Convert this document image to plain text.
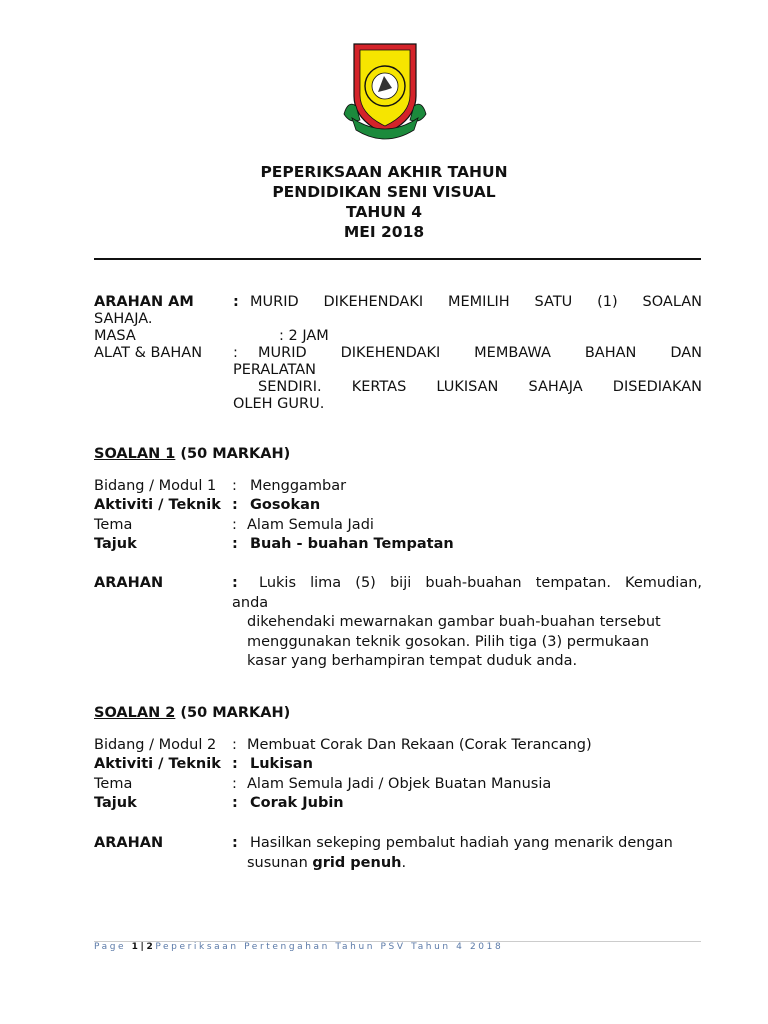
PEPERIKSAAN AKHIR TAHUN
PENDIDIKAN SENI VISUAL
TAHUN 4
MEI 2018
ARAHAN AM	: MURID DIKEHENDAKI MEMILIH SATU (1) SOALAN
SAHAJA.
MASA	: 2 JAM
ALAT & BAHAN : MURID DIKEHENDAKI MEMBAWA BAHAN DAN
PERALATAN
SENDIRI. KERTAS LUKISAN SAHAJA DISEDIAKAN
OLEH GURU.
SOALAN 1 (50 MARKAH)
Bidang / Modul 1 : Menggambar
Aktiviti / Teknik : Gosokan
Tema	: Alam Semula Jadi
Tajuk	: Buah - buahan Tempatan
ARAHAN	: Lukis lima (5) biji buah-buahan tempatan. Kemudian,
anda
dikehendaki mewarnakan gambar buah-buahan tersebut
menggunakan teknik gosokan. Pilih tiga (3) permukaan
kasar yang berhampiran tempat duduk anda.
SOALAN 2 (50 MARKAH)
Bidang / Modul 2 : Membuat Corak Dan Rekaan (Corak Terancang)
Aktiviti / Teknik : Lukisan
Tema	: Alam Semula Jadi / Objek Buatan Manusia
Tajuk	: Corak Jubin
ARAHAN	: Hasilkan sekeping pembalut hadiah yang menarik dengan
susunan grid penuh.
Page 1|2Peperiksaan Pertengahan Tahun PSV Tahun 4 2018
